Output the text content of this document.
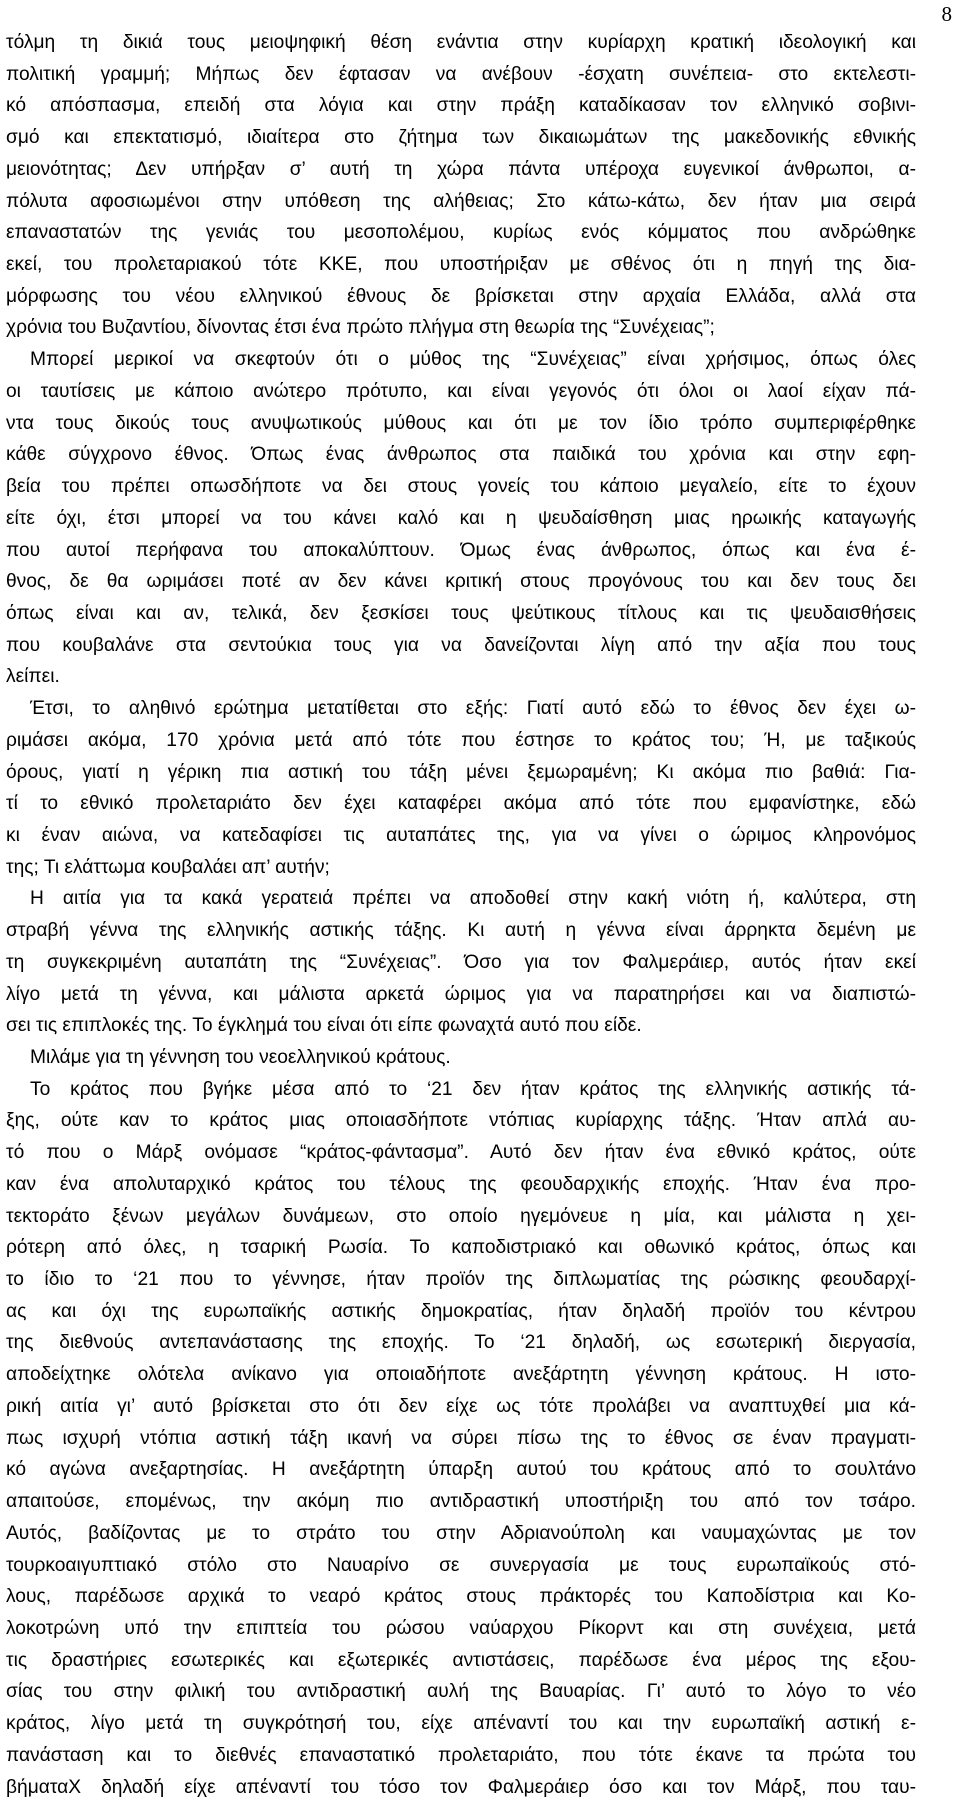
8
τόλμη τη δικιά τους μειοψηφική θέση ενάντια στην κυρίαρχη κρατική ιδεολογική και
πολιτική γραμμή; Μήπως δεν έφτασαν να ανέβουν -έσχατη συνέπεια- στο εκτελεστι-
κό απόσπασμα, επειδή στα λόγια και στην πράξη καταδίκασαν τον ελληνικό σοβινι-
σμό και επεκτατισμό, ιδιαίτερα στο ζήτημα των δικαιωμάτων της μακεδονικής εθνικής
μειονότητας; Δεν υπήρξαν σ’ αυτή τη χώρα πάντα υπέροχα ευγενικοί άνθρωποι, α-
πόλυτα αφοσιωμένοι στην υπόθεση της αλήθειας; Στο κάτω-κάτω, δεν ήταν μια σειρά
επαναστατών της γενιάς του μεσοπολέμου, κυρίως ενός κόμματος που ανδρώθηκε
εκεί, του προλεταριακού τότε ΚΚΕ, που υποστήριξαν με σθένος ότι η πηγή της δια-
μόρφωσης του νέου ελληνικού έθνους δε βρίσκεται στην αρχαία Ελλάδα, αλλά στα
χρόνια του Βυζαντίου, δίνοντας έτσι ένα πρώτο πλήγμα στη θεωρία της “Συνέχειας”;
Μπορεί μερικοί να σκεφτούν ότι ο μύθος της “Συνέχειας” είναι χρήσιμος, όπως όλες
οι ταυτίσεις με κάποιο ανώτερο πρότυπο, και είναι γεγονός ότι όλοι οι λαοί είχαν πά-
ντα τους δικούς τους ανυψωτικούς μύθους και ότι με τον ίδιο τρόπο συμπεριφέρθηκε
κάθε σύγχρονο έθνος. Όπως ένας άνθρωπος στα παιδικά του χρόνια και στην εφη-
βεία του πρέπει οπωσδήποτε να δει στους γονείς του κάποιο μεγαλείο, είτε το έχουν
είτε όχι, έτσι μπορεί να του κάνει καλό και η ψευδαίσθηση μιας ηρωικής καταγωγής
που αυτοί περήφανα του αποκαλύπτουν. Όμως ένας άνθρωπος, όπως και ένα έ-
θνος, δε θα ωριμάσει ποτέ αν δεν κάνει κριτική στους προγόνους του και δεν τους δει
όπως είναι και αν, τελικά, δεν ξεσκίσει τους ψεύτικους τίτλους και τις ψευδαισθήσεις
που κουβαλάνε στα σεντούκια τους για να δανείζονται λίγη από την αξία που τους
λείπει.
Έτσι, το αληθινό ερώτημα μετατίθεται στο εξής: Γιατί αυτό εδώ το έθνος δεν έχει ω-
ριμάσει ακόμα, 170 χρόνια μετά από τότε που έστησε το κράτος του; Ή, με ταξικούς
όρους, γιατί η γέρικη πια αστική του τάξη μένει ξεμωραμένη; Κι ακόμα πιο βαθιά: Για-
τί το εθνικό προλεταριάτο δεν έχει καταφέρει ακόμα από τότε που εμφανίστηκε, εδώ
κι έναν αιώνα, να κατεδαφίσει τις αυταπάτες της, για να γίνει ο ώριμος κληρονόμος
της; Τι ελάττωμα κουβαλάει απ’ αυτήν;
Η αιτία για τα κακά γερατειά πρέπει να αποδοθεί στην κακή νιότη ή, καλύτερα, στη
στραβή γέννα της ελληνικής αστικής τάξης. Κι αυτή η γέννα είναι άρρηκτα δεμένη με
τη συγκεκριμένη αυταπάτη της “Συνέχειας”. Όσο για τον Φαλμεράιερ, αυτός ήταν εκεί
λίγο μετά τη γέννα, και μάλιστα αρκετά ώριμος για να παρατηρήσει και να διαπιστώ-
σει τις επιπλοκές της. Το έγκλημά του είναι ότι είπε φωναχτά αυτό που είδε.
Μιλάμε για τη γέννηση του νεοελληνικού κράτους.
Το κράτος που βγήκε μέσα από το ‘21 δεν ήταν κράτος της ελληνικής αστικής τά-
ξης, ούτε καν το κράτος μιας οποιασδήποτε ντόπιας κυρίαρχης τάξης. Ήταν απλά αυ-
τό που ο Μάρξ ονόμασε “κράτος-φάντασμα”. Αυτό δεν ήταν ένα εθνικό κράτος, ούτε
καν ένα απολυταρχικό κράτος του τέλους της φεουδαρχικής εποχής. Ήταν ένα προ-
τεκτοράτο ξένων μεγάλων δυνάμεων, στο οποίο ηγεμόνευε η μία, και μάλιστα η χει-
ρότερη από όλες, η τσαρική Ρωσία. Το καποδιστριακό και οθωνικό κράτος, όπως και
το ίδιο το ‘21 που το γέννησε, ήταν προϊόν της διπλωματίας της ρώσικης φεουδαρχί-
ας και όχι της ευρωπαϊκής αστικής δημοκρατίας, ήταν δηλαδή προϊόν του κέντρου
της διεθνούς αντεπανάστασης της εποχής. Το ‘21 δηλαδή, ως εσωτερική διεργασία,
αποδείχτηκε ολότελα ανίκανο για οποιαδήποτε ανεξάρτητη γέννηση κράτους. Η ιστο-
ρική αιτία γι’ αυτό βρίσκεται στο ότι δεν είχε ως τότε προλάβει να αναπτυχθεί μια κά-
πως ισχυρή ντόπια αστική τάξη ικανή να σύρει πίσω της το έθνος σε έναν πραγματι-
κό αγώνα ανεξαρτησίας. Η ανεξάρτητη ύπαρξη αυτού του κράτους από το σουλτάνο
απαιτούσε, επομένως, την ακόμη πιο αντιδραστική υποστήριξη του από τον τσάρο.
Αυτός, βαδίζοντας με το στράτο του στην Αδριανούπολη και ναυμαχώντας με τον
τουρκοαιγυπτιακό στόλο στο Ναυαρίνο σε συνεργασία με τους ευρωπαϊκούς στό-
λους, παρέδωσε αρχικά το νεαρό κράτος στους πράκτορές του Καποδίστρια και Κο-
λοκοτρώνη υπό την επιπτεία του ρώσου ναύαρχου Ρίκορντ και στη συνέχεια, μετά
τις δραστήριες εσωτερικές και εξωτερικές αντιστάσεις, παρέδωσε ένα μέρος της εξου-
σίας του στην φιλική του αντιδραστική αυλή της Βαυαρίας. Γι’ αυτό το λόγο το νέο
κράτος, λίγο μετά τη συγκρότησή του, είχε απέναντί του και την ευρωπαϊκή αστική ε-
πανάσταση και το διεθνές επαναστατικό προλεταριάτο, που τότε έκανε τα πρώτα του
βήματαΧ δηλαδή είχε απέναντί του τόσο τον Φαλμεράιερ όσο και τον Μάρξ, που ταυ-
